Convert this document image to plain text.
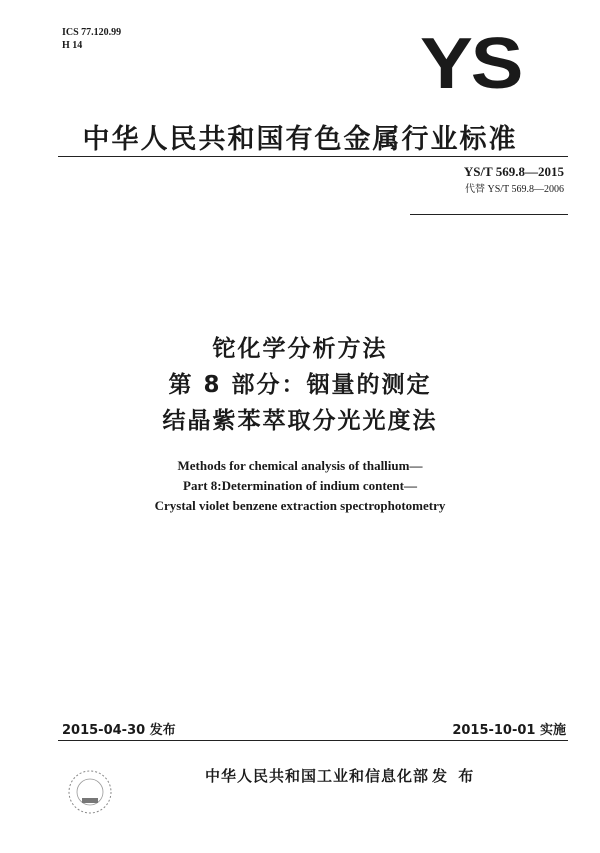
ICS 77.120.99
H 14	YS
中华人民共和国有色金属行业标准
YS/T 569.8—2015
代替 YS/T 569.8—2006
铊化学分析方法
第 8 部分：铟量的测定
结晶紫苯萃取分光光度法
Methods for chemical analysis of thallium—
Part 8:Determination of indium content—
Crystal violet benzene extraction spectrophotometry
2015-04-30 发布	2015-10-01 实施
中华人民共和国工业和信息化部 发 布
